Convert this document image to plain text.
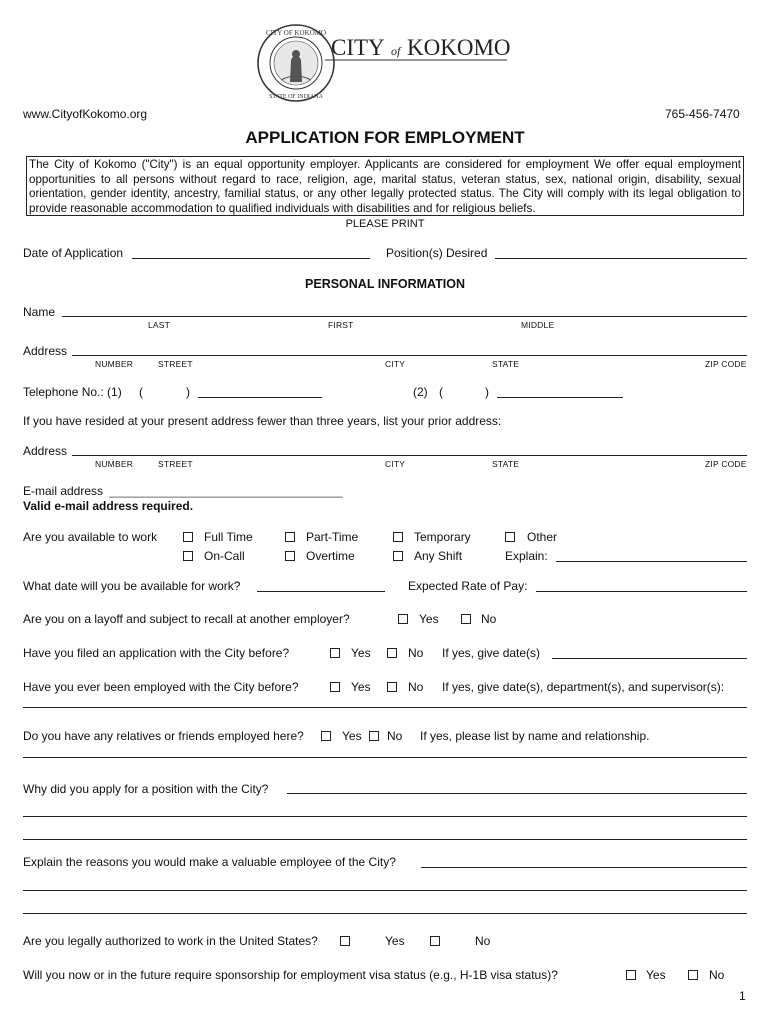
CITY OF KOKOMO
STATE OF INDIANA
CITY of KOKOMO
www.CityofKokomo.org	765-456-7470
APPLICATION FOR EMPLOYMENT
The City of Kokomo ("City") is an equal opportunity employer. Applicants are considered for employment We offer equal employment opportunities to all persons without regard to race, religion, age, marital status, veteran status, sex, national origin, disability, sexual orientation, gender identity, ancestry, familial status, or any other legally protected status. The City will comply with its legal obligation to provide reasonable accommodation to qualified individuals with disabilities and for religious beliefs.
PLEASE PRINT
Date of Application	Position(s) Desired
PERSONAL INFORMATION
Name
LAST	FIRST	MIDDLE
Address
NUMBER	STREET	CITY	STATE	ZIP CODE
Telephone No.: (1) (	)	(2) (	)
If you have resided at your present address fewer than three years, list your prior address:
Address
NUMBER	STREET	CITY	STATE	ZIP CODE
E-mail address ___________________________________
Valid e-mail address required.
Are you available to work	Full Time	Part-Time	Temporary	Other
On-Call	Overtime	Any Shift	Explain:
What date will you be available for work?	Expected Rate of Pay:
Are you on a layoff and subject to recall at another employer?	Yes	No
Have you filed an application with the City before?	Yes	No If yes, give date(s)
Have you ever been employed with the City before?	Yes	No If yes, give date(s), department(s), and supervisor(s):
Do you have any relatives or friends employed here?	Yes No If yes, please list by name and relationship.
Why did you apply for a position with the City?
Explain the reasons you would make a valuable employee of the City?
Are you legally authorized to work in the United States?	Yes	No
Will you now or in the future require sponsorship for employment visa status (e.g., H-1B visa status)?	Yes	No
1
